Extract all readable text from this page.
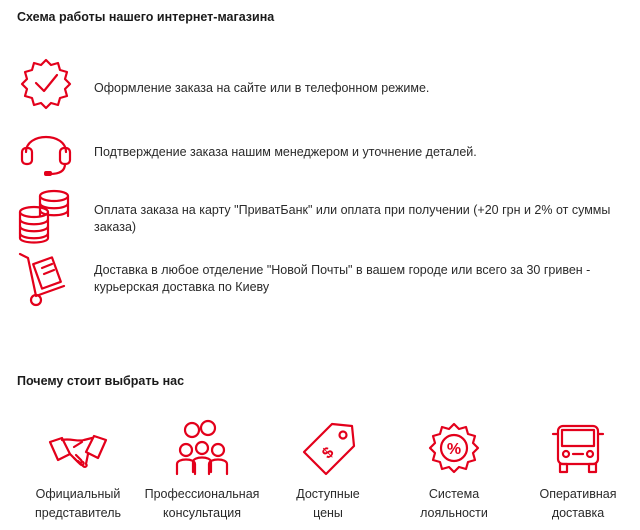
Схема работы нашего интернет-магазина
Оформление заказа на сайте или в телефонном режиме.
Подтверждение заказа нашим менеджером и уточнение деталей.
Оплата заказа на карту "ПриватБанк" или оплата при получении (+20 грн и 2% от суммы заказа)
Доставка в любое отделение "Новой Почты" в вашем городе или всего за 30 гривен - курьерская доставка по Киеву
Почему стоит выбрать нас
Официальный
представитель
Профессиональная
консультация
$
Доступные
цены
%
Система
лояльности
Оперативная
доставка
